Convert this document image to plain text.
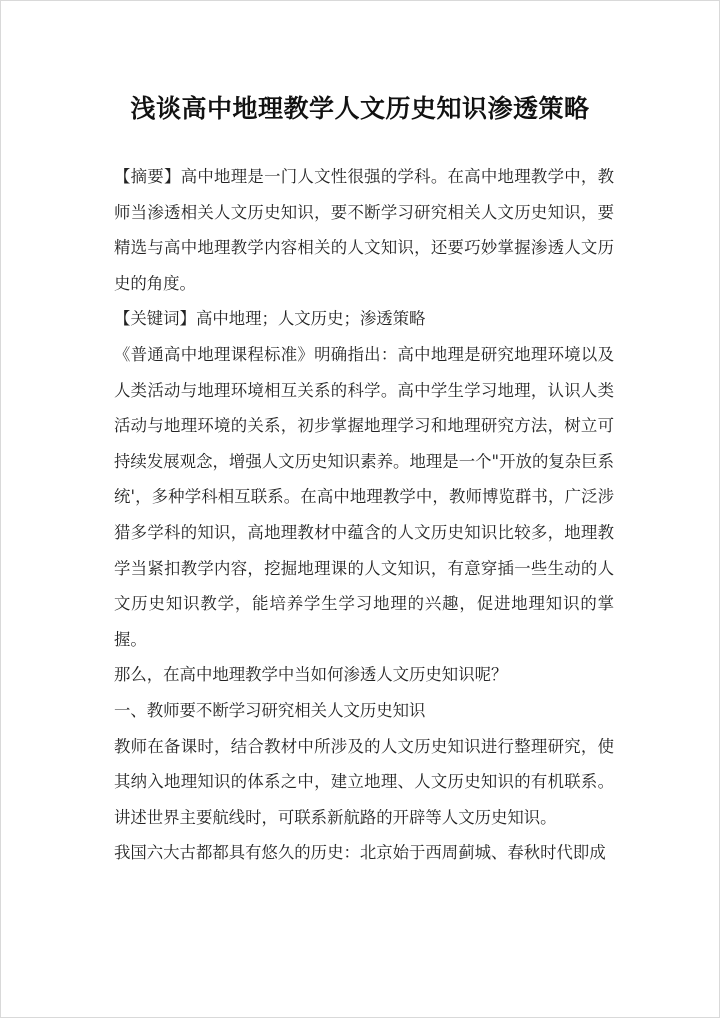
浅谈高中地理教学人文历史知识渗透策略

【摘要】高中地理是一门人文性很强的学科。在高中地理教学中，教师当渗透相关人文历史知识，要不断学习研究相关人文历史知识，要精选与高中地理教学内容相关的人文知识，还要巧妙掌握渗透人文历史的角度。

【关键词】高中地理；人文历史；渗透策略

《普通高中地理课程标准》明确指出：高中地理是研究地理环境以及人类活动与地理环境相互关系的科学。高中学生学习地理，认识人类活动与地理环境的关系，初步掌握地理学习和地理研究方法，树立可持续发展观念，增强人文历史知识素养。地理是一个"开放的复杂巨系统'，多种学科相互联系。在高中地理教学中，教师博览群书，广泛涉猎多学科的知识，高地理教材中蕴含的人文历史知识比较多，地理教学当紧扣教学内容，挖掘地理课的人文知识，有意穿插一些生动的人文历史知识教学，能培养学生学习地理的兴趣，促进地理知识的掌握。

那么，在高中地理教学中当如何渗透人文历史知识呢？

一、教师要不断学习研究相关人文历史知识

教师在备课时，结合教材中所涉及的人文历史知识进行整理研究，使其纳入地理知识的体系之中，建立地理、人文历史知识的有机联系。讲述世界主要航线时，可联系新航路的开辟等人文历史知识。

我国六大古都都具有悠久的历史：北京始于西周蓟城、春秋时代即成
